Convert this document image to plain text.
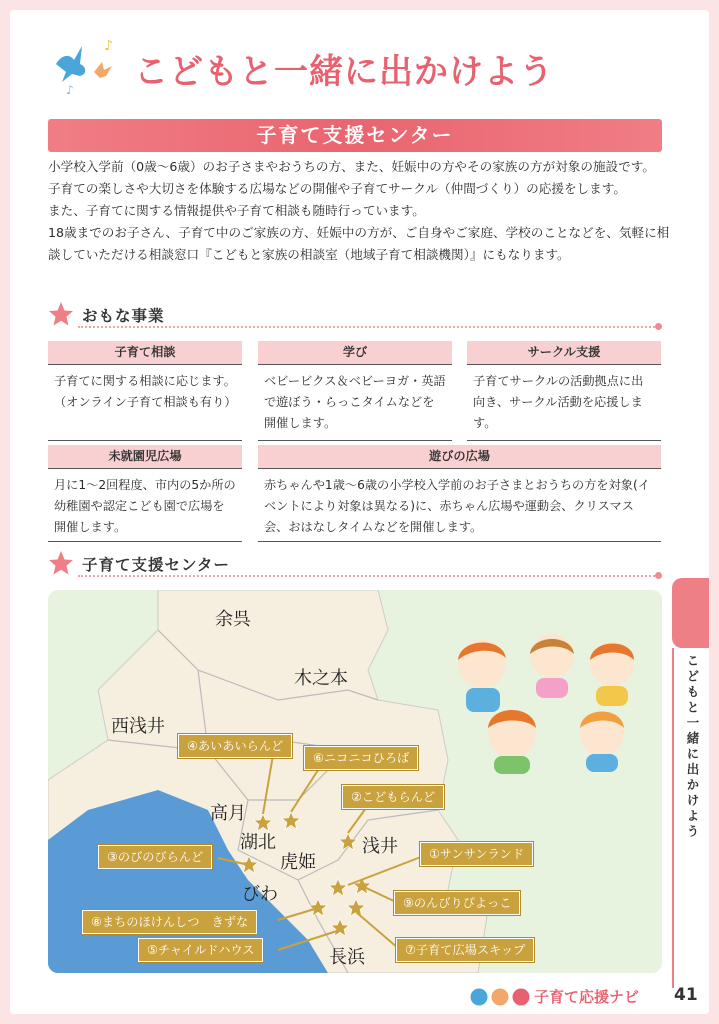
♪
♪ こどもと一緒に出かけよう
子育て支援センター

小学校入学前（0歳〜6歳）のお子さまやおうちの方、また、妊娠中の方やその家族の方が対象の施設です。

子育ての楽しさや大切さを体験する広場などの開催や子育てサークル（仲間づくり）の応援をします。

また、子育てに関する情報提供や子育て相談も随時行っています。

18歳までのお子さん、子育て中のご家族の方、妊娠中の方が、ご自身やご家庭、学校のことなどを、気軽に相談していただける相談窓口『こどもと家族の相談室（地域子育て相談機関）』にもなります。

おもな事業
子育て相談
子育てに関する相談に応じます。（オンライン子育て相談も有り）
学び
ベビービクス＆ベビーヨガ・英語で遊ぼう・らっこタイムなどを開催します。
サークル支援
子育てサークルの活動拠点に出向き、サークル活動を応援します。
未就園児広場
月に1〜2回程度、市内の5か所の幼稚園や認定こども園で広場を開催します。
遊びの広場
赤ちゃんや1歳〜6歳の小学校入学前のお子さまとおうちの方を対象(イベントにより対象は異なる)に、赤ちゃん広場や運動会、クリスマス会、おはなしタイムなどを開催します。
子育て支援センター
余呉
木之本
西浅井
高月
湖北	浅井
虎姫
びわ
長浜
④あいあいらんど
⑥ニコニコひろば
②こどもらんど
③のびのびらんど	①サンサンランド
⑨のんびりぴよっこ
⑧まちのほけんしつ　きずな
⑤チャイルドハウス	⑦子育て広場スキップ
こどもと一緒に出かけよう
子育て応援ナビ 41
